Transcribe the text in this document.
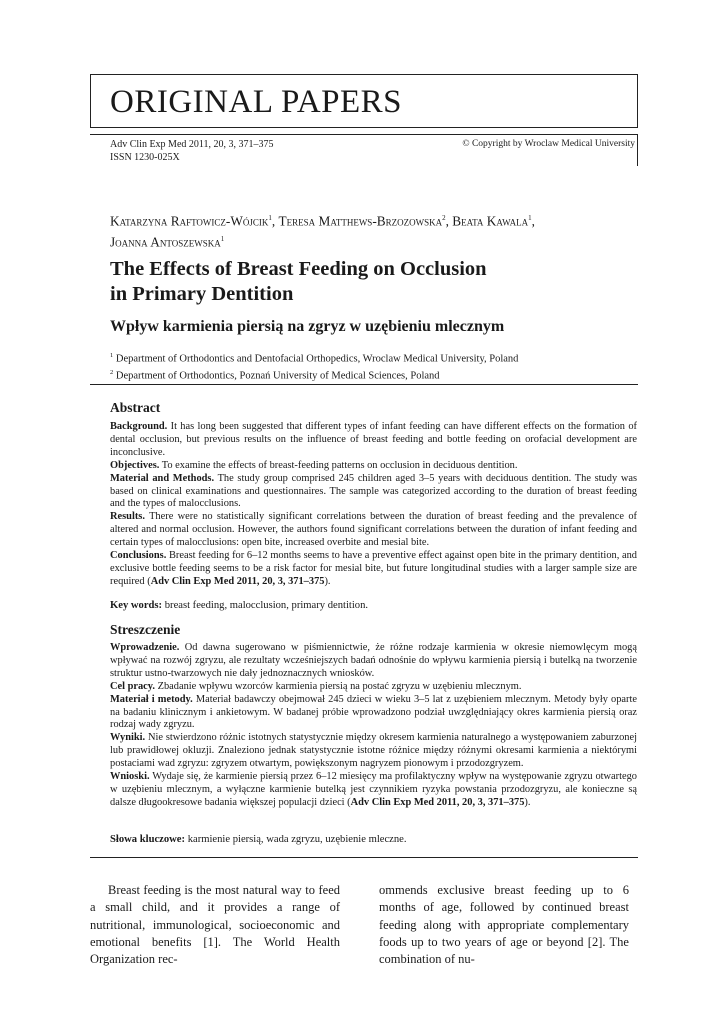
ORIGINAL PAPERS
Adv Clin Exp Med 2011, 20, 3, 371–375
ISSN 1230-025X
© Copyright by Wroclaw Medical University
Katarzyna Raftowicz-Wójcik$^1$, Teresa Matthews-Brzozowska$^2$, Beata Kawala$^1$,
Joanna Antoszewska$^1$
The Effects of Breast Feeding on Occlusion
in Primary Dentition
Wpływ karmienia piersią na zgryz w uzębieniu mlecznym
$^1$ Department of Orthodontics and Dentofacial Orthopedics, Wroclaw Medical University, Poland
$^2$ Department of Orthodontics, Poznań University of Medical Sciences, Poland
Abstract

Background. It has long been suggested that different types of infant feeding can have different effects on the formation of dental occlusion, but previous results on the influence of breast feeding and bottle feeding on orofacial development are inconclusive.

Objectives. To examine the effects of breast-feeding patterns on occlusion in deciduous dentition.

Material and Methods. The study group comprised 245 children aged 3–5 years with deciduous dentition. The study was based on clinical examinations and questionnaires. The sample was categorized according to the duration of breast feeding and the types of malocclusions.

Results. There were no statistically significant correlations between the duration of breast feeding and the prevalence of altered and normal occlusion. However, the authors found significant correlations between the duration of infant feeding and certain types of malocclusions: open bite, increased overbite and mesial bite.

Conclusions. Breast feeding for 6–12 months seems to have a preventive effect against open bite in the primary dentition, and exclusive bottle feeding seems to be a risk factor for mesial bite, but future longitudinal studies with a larger sample size are required (Adv Clin Exp Med 2011, 20, 3, 371–375).

Key words: breast feeding, malocclusion, primary dentition.
Streszczenie

Wprowadzenie. Od dawna sugerowano w piśmiennictwie, że różne rodzaje karmienia w okresie niemowlęcym mogą wpływać na rozwój zgryzu, ale rezultaty wcześniejszych badań odnośnie do wpływu karmienia piersią i butelką na tworzenie struktur ustno-twarzowych nie dały jednoznacznych wniosków.

Cel pracy. Zbadanie wpływu wzorców karmienia piersią na postać zgryzu w uzębieniu mlecznym.

Materiał i metody. Materiał badawczy obejmował 245 dzieci w wieku 3–5 lat z uzębieniem mlecznym. Metody były oparte na badaniu klinicznym i ankietowym. W badanej próbie wprowadzono podział uwzględniający okres karmienia piersią oraz rodzaj wady zgryzu.

Wyniki. Nie stwierdzono różnic istotnych statystycznie między okresem karmienia naturalnego a występowaniem zaburzonej lub prawidłowej okluzji. Znaleziono jednak statystycznie istotne różnice między różnymi okresami karmienia a niektórymi postaciami wad zgryzu: zgryzem otwartym, powiększonym nagryzem pionowym i przodozgryzem.

Wnioski. Wydaje się, że karmienie piersią przez 6–12 miesięcy ma profilaktyczny wpływ na występowanie zgryzu otwartego w uzębieniu mlecznym, a wyłączne karmienie butelką jest czynnikiem ryzyka powstania przodozgryzu, ale konieczne są dalsze długookresowe badania większej populacji dzieci (Adv Clin Exp Med 2011, 20, 3, 371–375).

Słowa kluczowe: karmienie piersią, wada zgryzu, uzębienie mleczne.

Breast feeding is the most natural way to feed a small child, and it provides a range of nutritional, immunological, socioeconomic and emotional benefits [1]. The World Health Organization rec-

ommends exclusive breast feeding up to 6 months of age, followed by continued breast feeding along with appropriate complementary foods up to two years of age or beyond [2]. The combination of nu-
